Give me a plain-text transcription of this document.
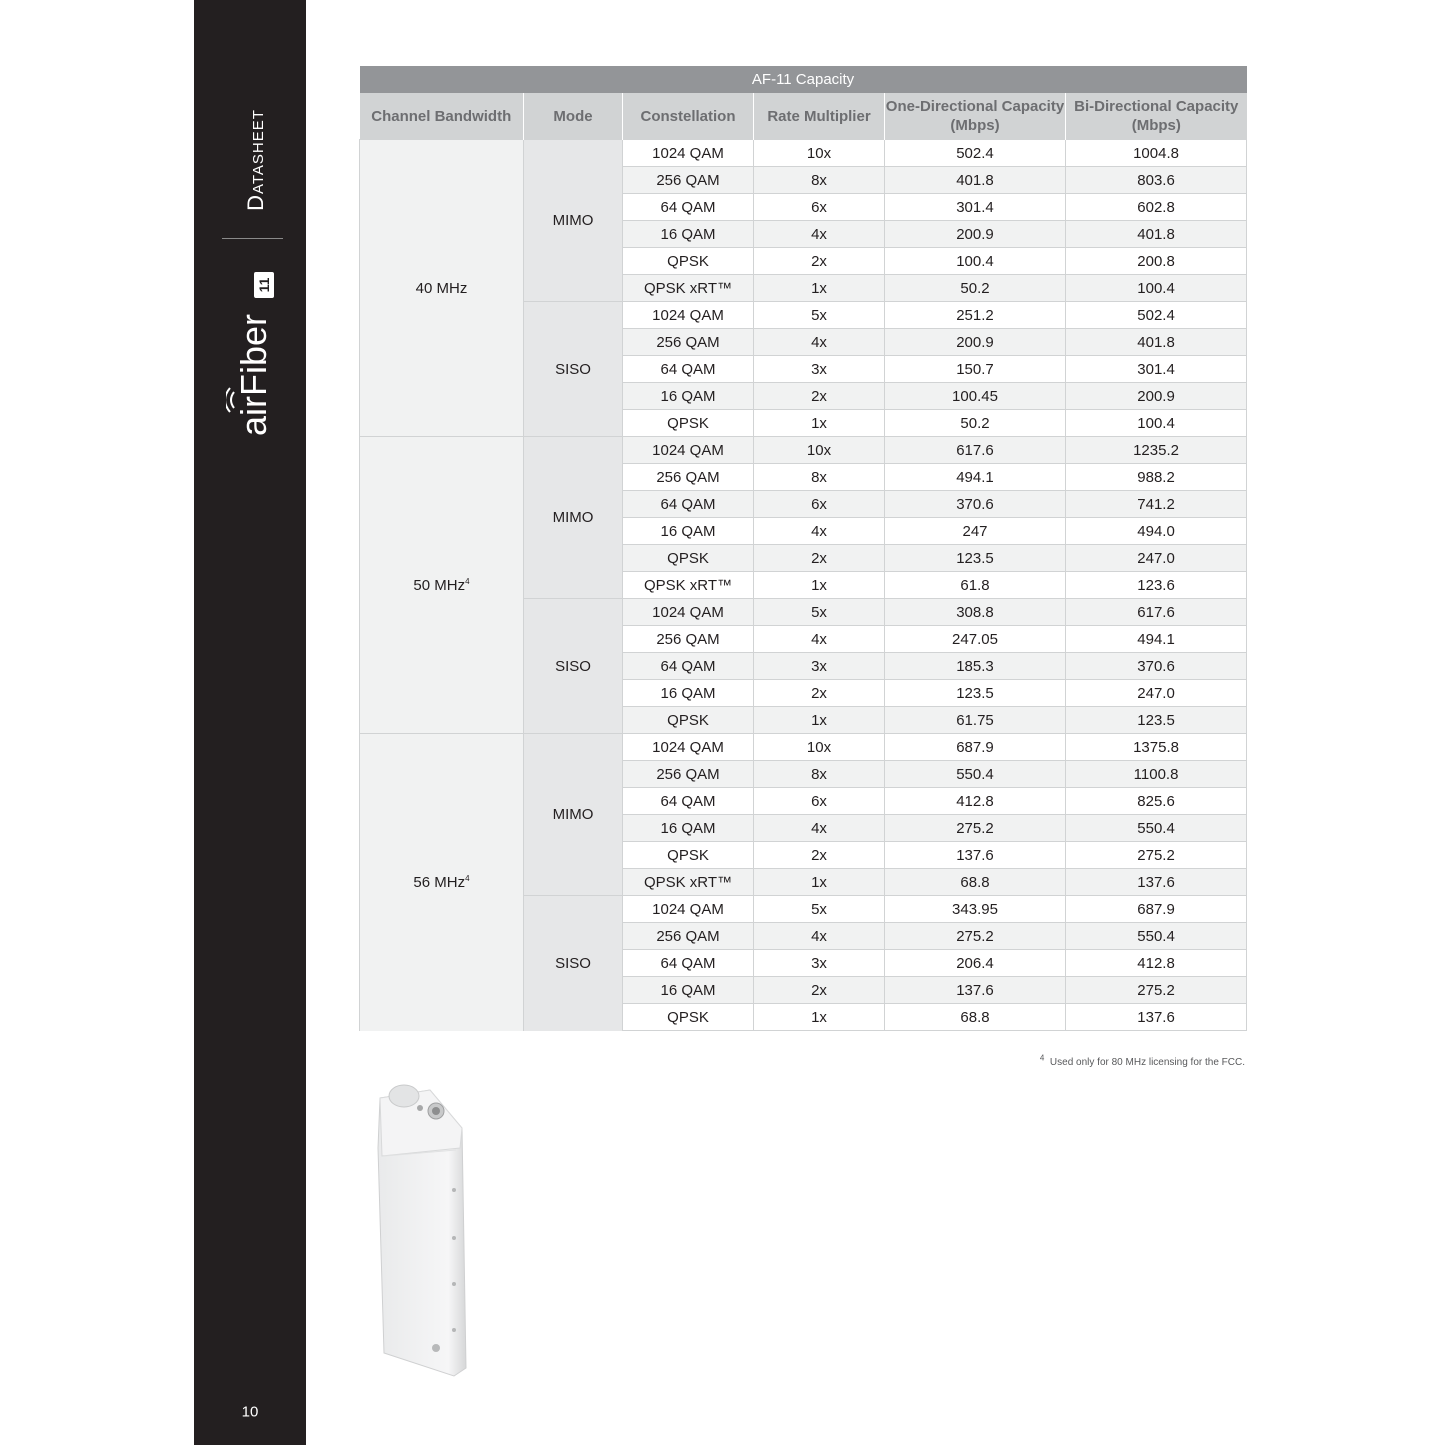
Datasheet
airFiber
11
10
AF-11 Capacity					
Channel Bandwidth	Mode	Constellation	Rate Multiplier	One-Directional Capacity (Mbps)	Bi-Directional Capacity (Mbps)
40 MHz	MIMO	1024 QAM	10x	502.4	1004.8
		256 QAM	8x	401.8	803.6
		64 QAM	6x	301.4	602.8
		16 QAM	4x	200.9	401.8
		QPSK	2x	100.4	200.8
		QPSK xRT™	1x	50.2	100.4
	SISO	1024 QAM	5x	251.2	502.4
		256 QAM	4x	200.9	401.8
		64 QAM	3x	150.7	301.4
		16 QAM	2x	100.45	200.9
		QPSK	1x	50.2	100.4
50 MHz$^4$	MIMO	1024 QAM	10x	617.6	1235.2
		256 QAM	8x	494.1	988.2
		64 QAM	6x	370.6	741.2
		16 QAM	4x	247	494.0
		QPSK	2x	123.5	247.0
		QPSK xRT™	1x	61.8	123.6
	SISO	1024 QAM	5x	308.8	617.6
		256 QAM	4x	247.05	494.1
		64 QAM	3x	185.3	370.6
		16 QAM	2x	123.5	247.0
		QPSK	1x	61.75	123.5
56 MHz$^4$	MIMO	1024 QAM	10x	687.9	1375.8
		256 QAM	8x	550.4	1100.8
		64 QAM	6x	412.8	825.6
		16 QAM	4x	275.2	550.4
		QPSK	2x	137.6	275.2
		QPSK xRT™	1x	68.8	137.6
	SISO	1024 QAM	5x	343.95	687.9
		256 QAM	4x	275.2	550.4
		64 QAM	3x	206.4	412.8
		16 QAM	2x	137.6	275.2
		QPSK	1x	68.8	137.6
$^4$ Used only for 80 MHz licensing for the FCC.
